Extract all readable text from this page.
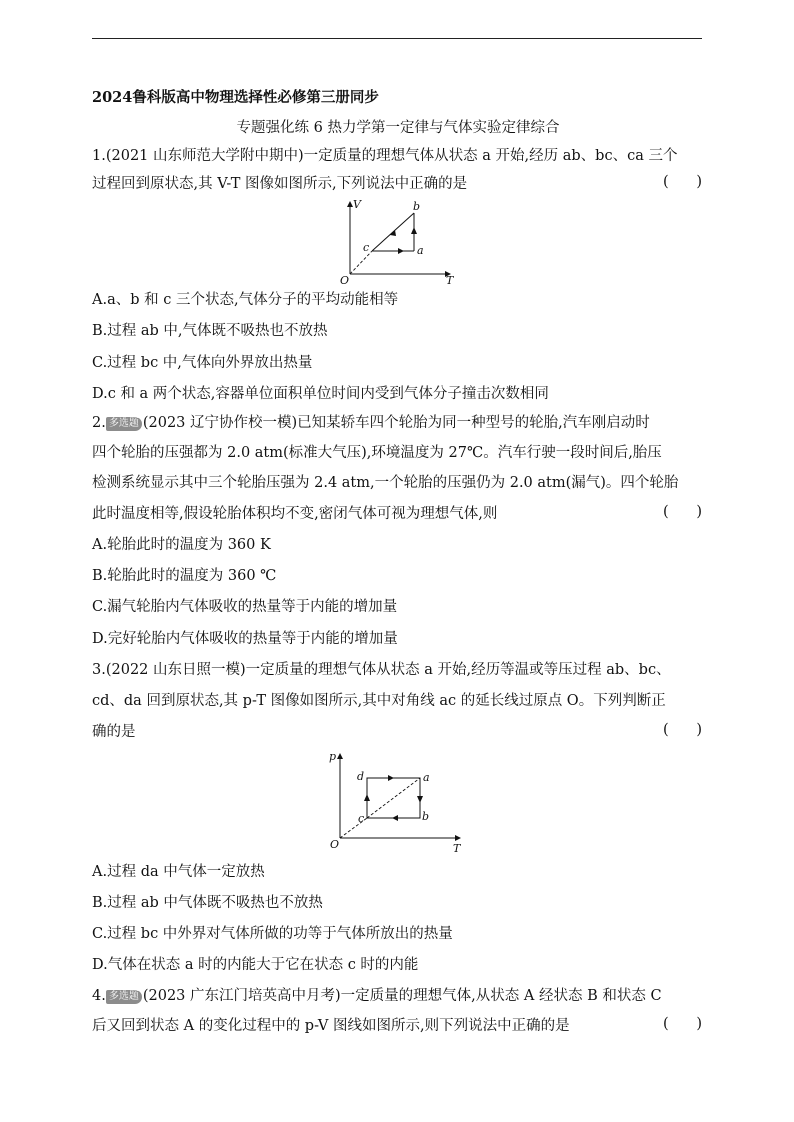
2024鲁科版高中物理选择性必修第三册同步
专题强化练 6 热力学第一定律与气体实验定律综合
1.(2021 山东师范大学附中期中)一定质量的理想气体从状态 a 开始,经历 ab、bc、ca 三个
过程回到原状态,其 V-T 图像如图所示,下列说法中正确的是	(      )
V
T
O
a
b
c
A.a、b 和 c 三个状态,气体分子的平均动能相等
B.过程 ab 中,气体既不吸热也不放热
C.过程 bc 中,气体向外界放出热量
D.c 和 a 两个状态,容器单位面积单位时间内受到气体分子撞击次数相同
2. 多选题 (2023 辽宁协作校一模)已知某轿车四个轮胎为同一种型号的轮胎,汽车刚启动时
四个轮胎的压强都为 2.0 atm(标准大气压),环境温度为 27℃。汽车行驶一段时间后,胎压
检测系统显示其中三个轮胎压强为 2.4 atm,一个轮胎的压强仍为 2.0 atm(漏气)。四个轮胎
此时温度相等,假设轮胎体积均不变,密闭气体可视为理想气体,则	(      )
A.轮胎此时的温度为 360 K
B.轮胎此时的温度为 360 ℃
C.漏气轮胎内气体吸收的热量等于内能的增加量
D.完好轮胎内气体吸收的热量等于内能的增加量
3.(2022 山东日照一模)一定质量的理想气体从状态 a 开始,经历等温或等压过程 ab、bc、
cd、da 回到原状态,其 p-T 图像如图所示,其中对角线 ac 的延长线过原点 O。下列判断正
确的是	(      )
p
T
O
a
b
c
d
A.过程 da 中气体一定放热
B.过程 ab 中气体既不吸热也不放热
C.过程 bc 中外界对气体所做的功等于气体所放出的热量
D.气体在状态 a 时的内能大于它在状态 c 时的内能
4. 多选题 (2023 广东江门培英高中月考)一定质量的理想气体,从状态 A 经状态 B 和状态 C
后又回到状态 A 的变化过程中的 p-V 图线如图所示,则下列说法中正确的是	(      )
